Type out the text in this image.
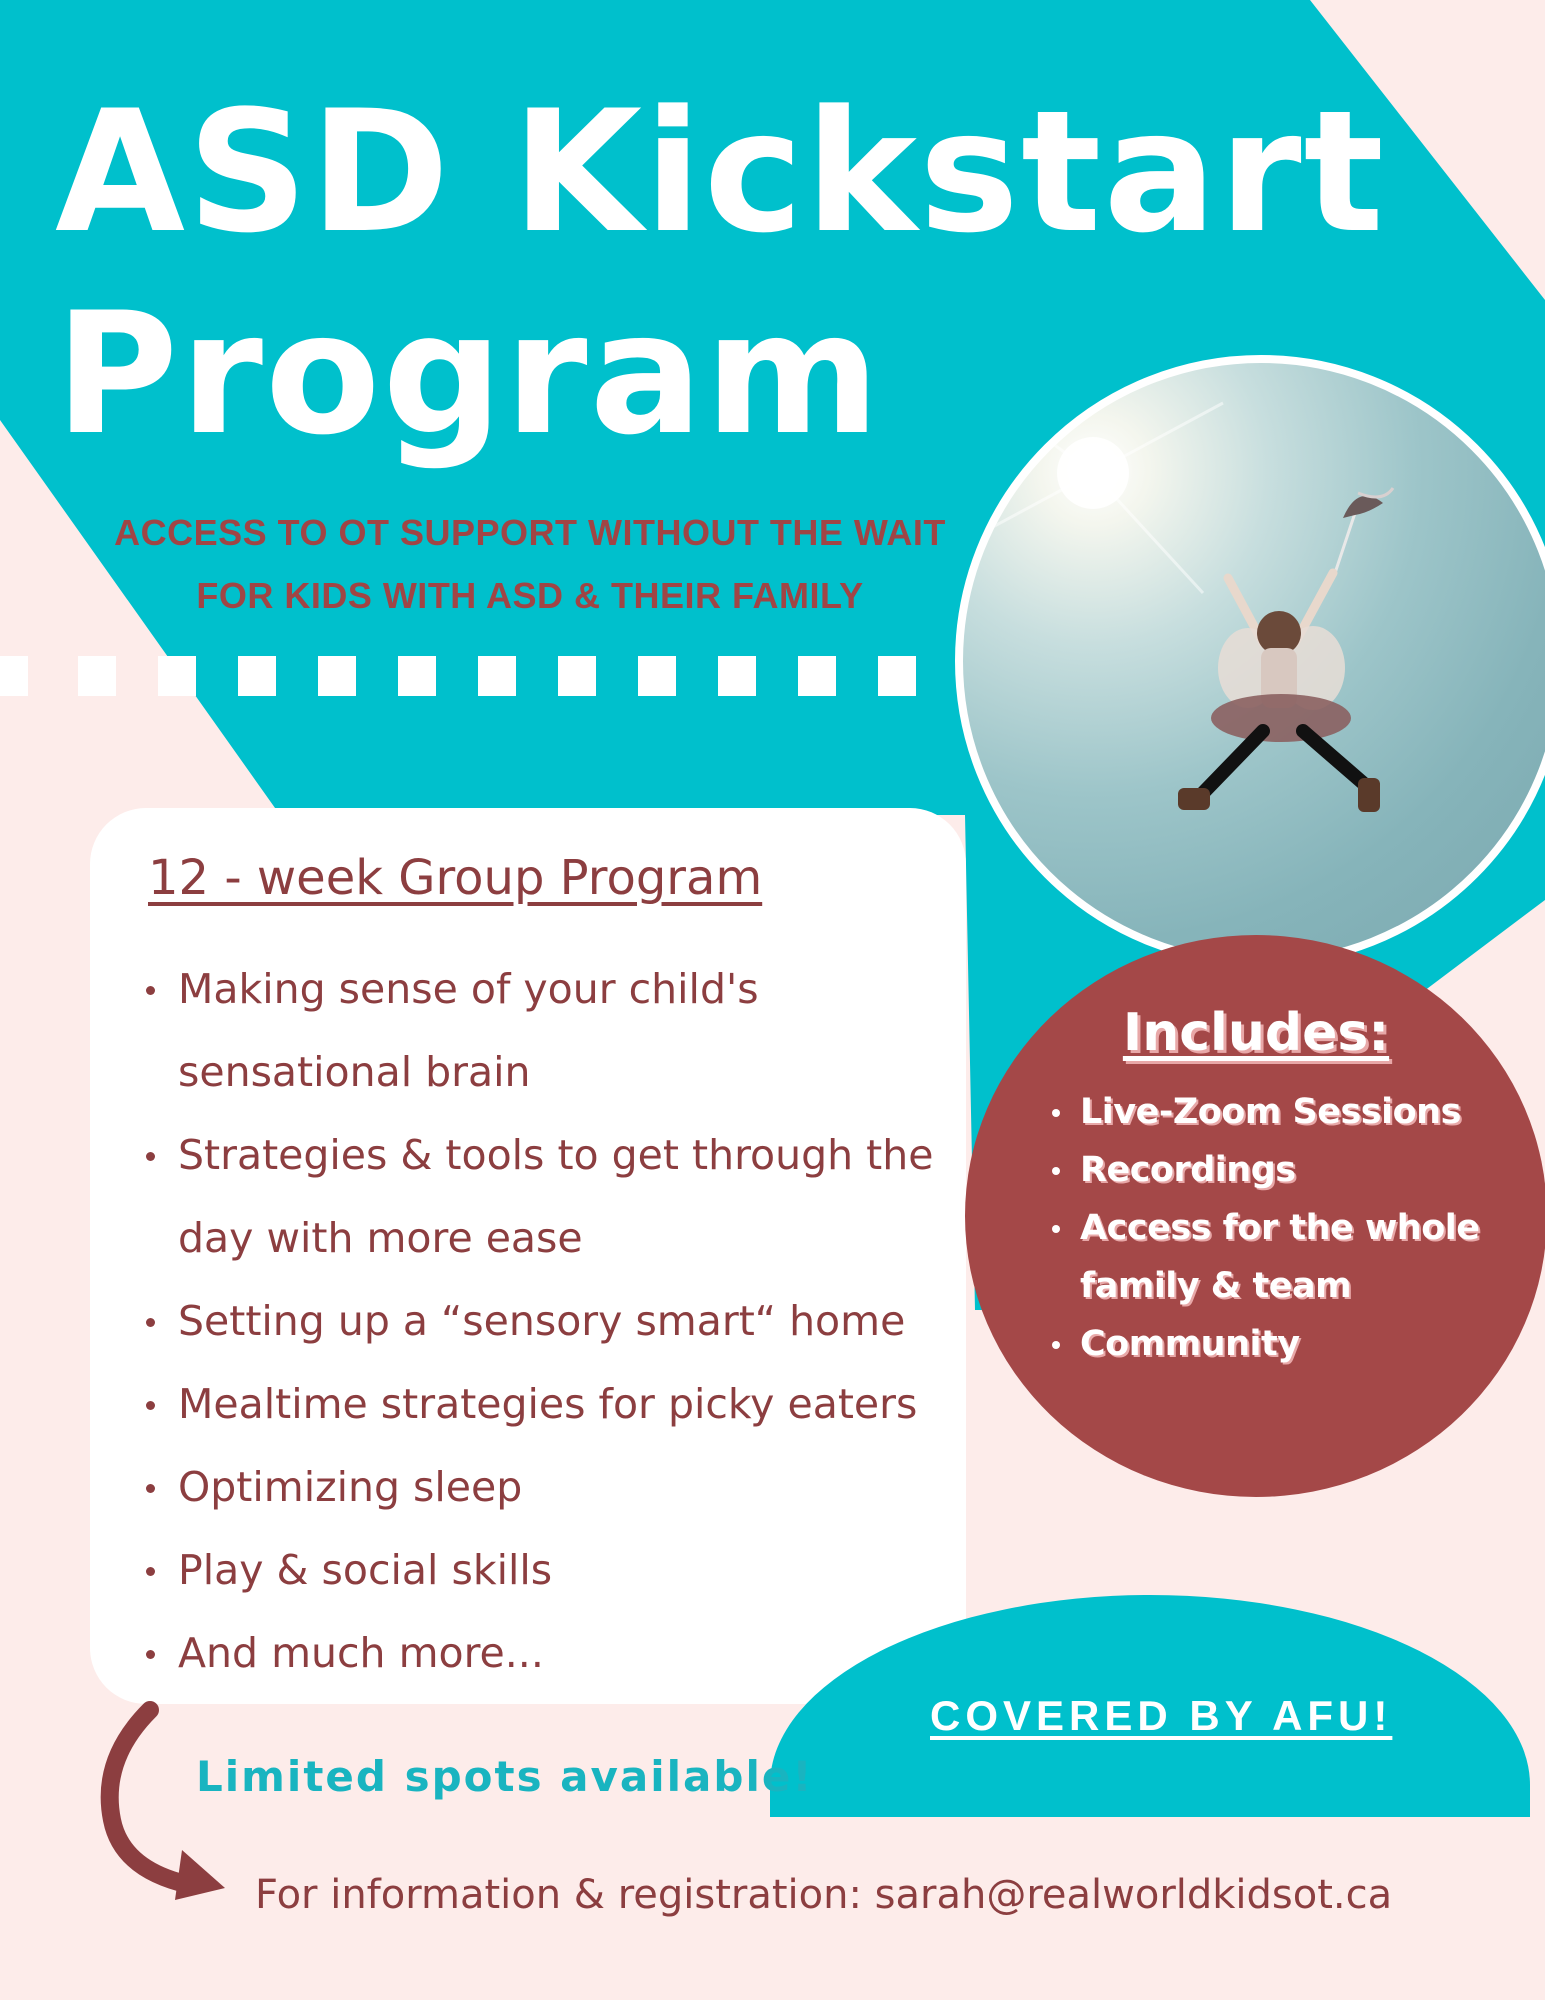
ASD Kickstart
Program
ACCESS TO OT SUPPORT WITHOUT THE WAIT
FOR KIDS WITH ASD & THEIR FAMILY
12 - week Group Program
Making sense of your child's sensational brain
Strategies & tools to get through the day with more ease
Setting up a “sensory smart“ home
Mealtime strategies for picky eaters
Optimizing sleep
Play & social skills
And much more...
Includes:
Live-Zoom Sessions
Recordings
Access for the whole family & team
Community
COVERED BY AFU!
Limited spots available!
For information & registration: sarah@realworldkidsot.ca
